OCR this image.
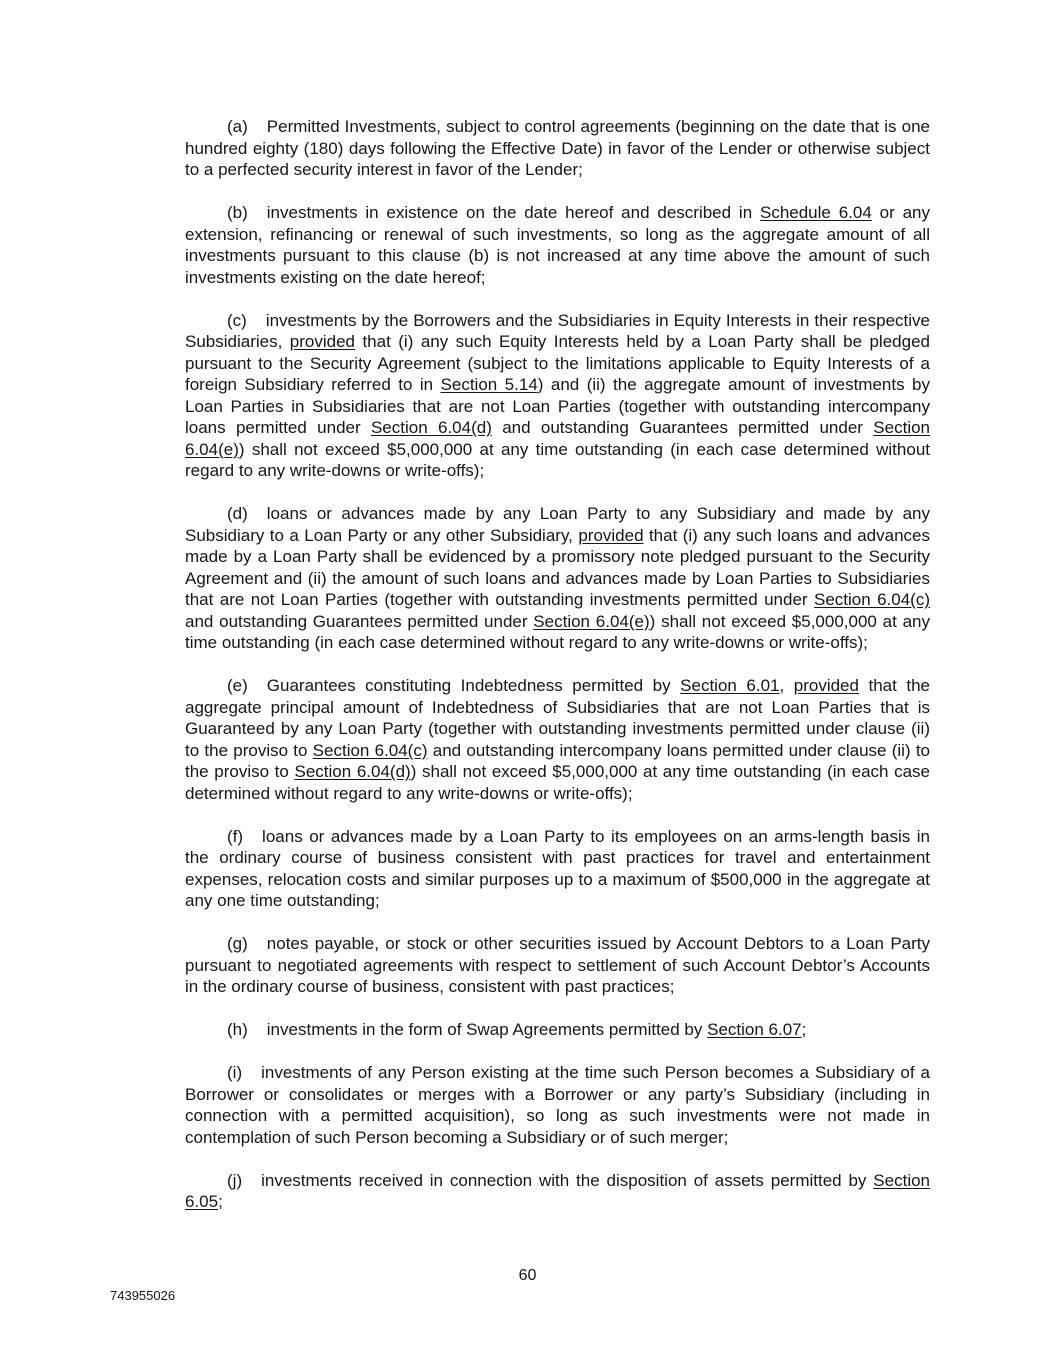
(a) Permitted Investments, subject to control agreements (beginning on the date that is one hundred eighty (180) days following the Effective Date) in favor of the Lender or otherwise subject to a perfected security interest in favor of the Lender;

(b) investments in existence on the date hereof and described in Schedule 6.04 or any extension, refinancing or renewal of such investments, so long as the aggregate amount of all investments pursuant to this clause (b) is not increased at any time above the amount of such investments existing on the date hereof;

(c) investments by the Borrowers and the Subsidiaries in Equity Interests in their respective Subsidiaries, provided that (i) any such Equity Interests held by a Loan Party shall be pledged pursuant to the Security Agreement (subject to the limitations applicable to Equity Interests of a foreign Subsidiary referred to in Section 5.14) and (ii) the aggregate amount of investments by Loan Parties in Subsidiaries that are not Loan Parties (together with outstanding intercompany loans permitted under Section 6.04(d) and outstanding Guarantees permitted under Section 6.04(e)) shall not exceed $5,000,000 at any time outstanding (in each case determined without regard to any write-downs or write-offs);

(d) loans or advances made by any Loan Party to any Subsidiary and made by any Subsidiary to a Loan Party or any other Subsidiary, provided that (i) any such loans and advances made by a Loan Party shall be evidenced by a promissory note pledged pursuant to the Security Agreement and (ii) the amount of such loans and advances made by Loan Parties to Subsidiaries that are not Loan Parties (together with outstanding investments permitted under Section 6.04(c) and outstanding Guarantees permitted under Section 6.04(e)) shall not exceed $5,000,000 at any time outstanding (in each case determined without regard to any write-downs or write-offs);

(e) Guarantees constituting Indebtedness permitted by Section 6.01, provided that the aggregate principal amount of Indebtedness of Subsidiaries that are not Loan Parties that is Guaranteed by any Loan Party (together with outstanding investments permitted under clause (ii) to the proviso to Section 6.04(c) and outstanding intercompany loans permitted under clause (ii) to the proviso to Section 6.04(d)) shall not exceed $5,000,000 at any time outstanding (in each case determined without regard to any write-downs or write-offs);

(f) loans or advances made by a Loan Party to its employees on an arms-length basis in the ordinary course of business consistent with past practices for travel and entertainment expenses, relocation costs and similar purposes up to a maximum of $500,000 in the aggregate at any one time outstanding;

(g) notes payable, or stock or other securities issued by Account Debtors to a Loan Party pursuant to negotiated agreements with respect to settlement of such Account Debtor’s Accounts in the ordinary course of business, consistent with past practices;

(h) investments in the form of Swap Agreements permitted by Section 6.07;

(i) investments of any Person existing at the time such Person becomes a Subsidiary of a Borrower or consolidates or merges with a Borrower or any party’s Subsidiary (including in connection with a permitted acquisition), so long as such investments were not made in contemplation of such Person becoming a Subsidiary or of such merger;

(j) investments received in connection with the disposition of assets permitted by Section 6.05;

60
743955026
